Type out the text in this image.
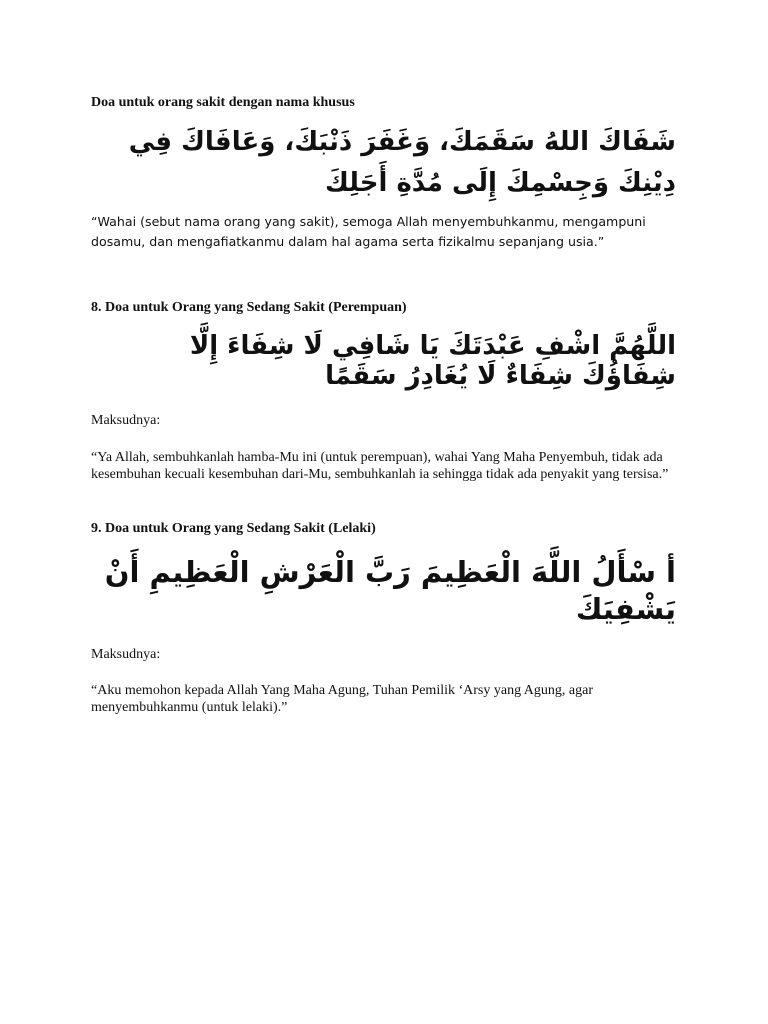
Doa untuk orang sakit dengan nama khusus
شَفَاكَ اللهُ سَقَمَكَ، وَغَفَرَ ذَنْبَكَ، وَعَافَاكَ فِي دِيْنِكَ وَجِسْمِكَ إِلَى مُدَّةِ أَجَلِكَ
“Wahai (sebut nama orang yang sakit), semoga Allah menyembuhkanmu, mengampuni dosamu, dan mengafiatkanmu dalam hal agama serta fizikalmu sepanjang usia.”
8. Doa untuk Orang yang Sedang Sakit (Perempuan)
اللَّهُمَّ اشْفِ عَبْدَتَكَ يَا شَافِي لَا شِفَاءَ إِلَّا شِفَاؤُكَ شِفَاءٌ لَا يُغَادِرُ سَقَمًا
Maksudnya:
“Ya Allah, sembuhkanlah hamba-Mu ini (untuk perempuan), wahai Yang Maha Penyembuh, tidak ada kesembuhan kecuali kesembuhan dari-Mu, sembuhkanlah ia sehingga tidak ada penyakit yang tersisa.”
9. Doa untuk Orang yang Sedang Sakit (Lelaki)
أ سْأَلُ اللَّهَ الْعَظِيمَ رَبَّ الْعَرْشِ الْعَظِيمِ أَنْ يَشْفِيَكَ
Maksudnya:
“Aku memohon kepada Allah Yang Maha Agung, Tuhan Pemilik ‘Arsy yang Agung, agar menyembuhkanmu (untuk lelaki).”
